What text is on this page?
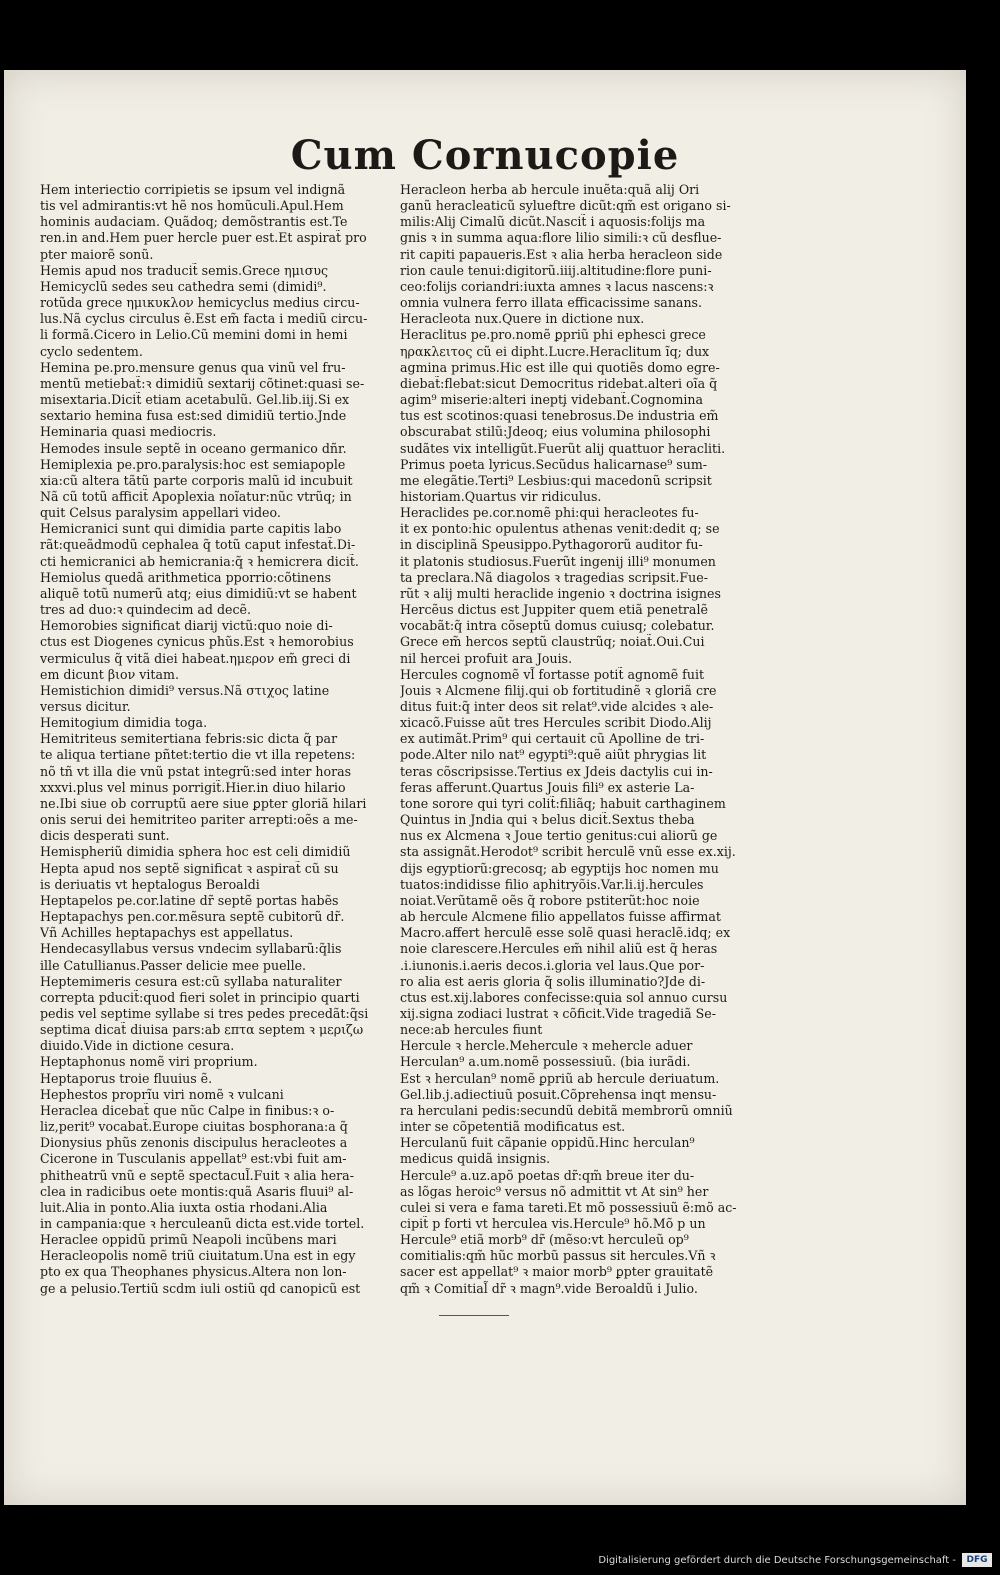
Cum Cornucopie

Hem interiectio corripietis se ipsum vel indignã

tis vel admirantis:vt hẽ nos homũculi.Apul.Hem

hominis audaciam. Quãdoq; demõstrantis est.Te

ren.in and.Hem puer hercle puer est.Et aspirat̃ pro

pter maiorẽ sonũ.

Hemis apud nos traducit̃ semis.Grece ημισυς

Hemicyclũ sedes seu cathedra semi (dimidi⁹.

rotũda grece ημικυκλον hemicyclus medius circu-

lus.Nã cyclus circulus ẽ.Est em̃ facta i mediũ circu-

li formã.Cicero in Lelio.Cũ memini domi in hemi

cyclo sedentem.

Hemina pe.pro.mensure genus qua vinũ vel fru-

mentũ metiebat̃:ꝛ dimidiũ sextarij cõtinet:quasi se-

misextaria.Dicit̃ etiam acetabulũ. Gel.lib.iij.Si ex

sextario hemina fusa est:sed dimidiũ tertio.Jnde

Heminaria quasi mediocris.

Hemodes insule septẽ in oceano germanico dñr.

Hemiplexia pe.pro.paralysis:hoc est semiapople

xia:cũ altera tãtũ parte corporis malũ id incubuit

Nã cũ totũ afficit̃ Apoplexia noĩatur:nũc vtrũq; in

quit Celsus paralysim appellari video.

Hemicranici sunt qui dimidia parte capitis labo

rãt:queãdmodũ cephalea q̃ totũ caput infestat̃.Di-

cti hemicranici ab hemicrania:q̃ ꝛ hemicrera dicit̃.

Hemiolus quedã arithmetica pporrio:cõtinens

aliquẽ totũ numerũ atq; eius dimidiũ:vt se habent

tres ad duo:ꝛ quindecim ad decẽ.

Hemorobies significat diarij victũ:quo noie di-

ctus est Diogenes cynicus phũs.Est ꝛ hemorobius

vermiculus q̃ vitã diei habeat.ημερον em̃ greci di

em dicunt βιον vitam.

Hemistichion dimidi⁹ versus.Nã στιχος latine

versus dicitur.

Hemitogium dimidia toga.

Hemitriteus semitertiana febris:sic dicta q̃ par

te aliqua tertiane pñtet:tertio die vt illa repetens:

nõ tñ vt illa die vnũ pstat integrũ:sed inter horas

xxxvi.plus vel minus porrigit̃.Hier.in diuo hilario

ne.Ibi siue ob corruptũ aere siue ꝑpter gloriã hilari

onis serui dei hemitriteo pariter arrepti:oẽs a me-

dicis desperati sunt.

Hemispheriũ dimidia sphera hoc est celi dimidiũ

Hepta apud nos septẽ significat ꝛ aspirat̃ cũ su

is deriuatis vt heptalogus Beroaldi

Heptapelos pe.cor.latine dr̃ septẽ portas habẽs

Heptapachys pen.cor.mẽsura septẽ cubitorũ dr̃.

Vñ Achilles heptapachys est appellatus.

Hendecasyllabus versus vndecim syllabarũ:q̃lis

ille Catullianus.Passer delicie mee puelle.

Heptemimeris cesura est:cũ syllaba naturaliter

correpta pducit̃:quod fieri solet in principio quarti

pedis vel septime syllabe si tres pedes precedãt:q̃si

septima dicat̃ diuisa pars:ab επτα septem ꝛ μεριζω

diuido.Vide in dictione cesura.

Heptaphonus nomẽ viri proprium.

Heptaporus troie fluuius ẽ.

Hephestos proprĩu viri nomẽ ꝛ vulcani

Heraclea dicebat̃ que nũc Calpe in finibus:ꝛ o-

liz,perit⁹ vocabat̃.Europe ciuitas bosphorana:a q̃

Dionysius phũs zenonis discipulus heracleotes a

Cicerone in Tusculanis appellat⁹ est:vbi fuit am-

phitheatrũ vnũ e septẽ spectacul̃.Fuit ꝛ alia hera-

clea in radicibus oete montis:quã Asaris fluui⁹ al-

luit.Alia in ponto.Alia iuxta ostia rhodani.Alia

in campania:que ꝛ herculeanũ dicta est.vide tortel.

Heraclee oppidũ primũ Neapoli incũbens mari

Heracleopolis nomẽ triũ ciuitatum.Una est in egy

pto ex qua Theophanes physicus.Altera non lon-

ge a pelusio.Tertiũ scdm iuli ostiũ qd canopicũ est

Heracleon herba ab hercule inuẽta:quã alij Ori

ganũ heracleaticũ sylueftre dicũt:qm̃ est origano si-

milis:Alij Cimalũ dicũt.Nascit̃ i aquosis:folijs ma

gnis ꝛ in summa aqua:flore lilio simili:ꝛ cũ desflue-

rit capiti papaueris.Est ꝛ alia herba heracleon side

rion caule tenui:digitorũ.iiij.altitudine:flore puni-

ceo:folijs coriandri:iuxta amnes ꝛ lacus nascens:ꝛ

omnia vulnera ferro illata efficacissime sanans.

Heracleota nux.Quere in dictione nux.

Heraclitus pe.pro.nomẽ ꝑpriũ phi ephesci grece

ηρακλειτος cũ ei dipht.Lucre.Heraclitum ĩq; dux

agmina primus.Hic est ille qui quotiẽs domo egre-

diebat̃:flebat:sicut Democritus ridebat.alteri oĩa q̃

agim⁹ miserie:alteri inepti̧ videbant̃.Cognomina

tus est scotinos:quasi tenebrosus.De industria em̃

obscurabat stilũ:Jdeoq; eius volumina philosophi

sudãtes vix intelligũt.Fuerũt alij quattuor heracliti.

Primus poeta lyricus.Secũdus halicarnase⁹ sum-

me elegãtie.Terti⁹ Lesbius:qui macedonũ scripsit

historiam.Quartus vir ridiculus.

Heraclides pe.cor.nomẽ phi:qui heracleotes fu-

it ex ponto:hic opulentus athenas venit:dedit q; se

in disciplinã Speusippo.Pythagororũ auditor fu-

it platonis studiosus.Fuerũt ingenij illi⁹ monumen

ta preclara.Nã diagolos ꝛ tragedias scripsit.Fue-

rũt ꝛ alij multi heraclide ingenio ꝛ doctrina isignes

Hercẽus dictus est Juppiter quem etiã penetralẽ

vocabãt:q̃ intra cõseptũ domus cuiusq; colebatur.

Grece em̃ hercos septũ claustrũq; noiat̃.Oui.Cui

nil hercei profuit ara Jouis.

Hercules cognomẽ vl̃ fortasse potit̃ agnomẽ fuit

Jouis ꝛ Alcmene filij.qui ob fortitudinẽ ꝛ gloriã cre

ditus fuit:q̃ inter deos sit relat⁹.vide alcides ꝛ ale-

xicacõ.Fuisse aũt tres Hercules scribit Diodo.Alij

ex autimãt.Prim⁹ qui certauit cũ Apolline de tri-

pode.Alter nilo nat⁹ egypti⁹:quẽ aiũt phrygias lit

teras cõscripsisse.Tertius ex Jdeis dactylis cui in-

feras afferunt.Quartus Jouis fili⁹ ex asterie La-

tone sorore qui tyri colit̃:filiãq; habuit carthaginem

Quintus in Jndia qui ꝛ belus dicit̃.Sextus theba

nus ex Alcmena ꝛ Joue tertio genitus:cui aliorũ ge

sta assignãt.Herodot⁹ scribit herculẽ vnũ esse ex.xij.

dijs egyptiorũ:grecosq; ab egyptijs hoc nomen mu

tuatos:indidisse filio aphitryõis.Var.li.ij.hercules

noiat.Verũtamẽ oẽs q̃ robore pstiterũt:hoc noie

ab hercule Alcmene filio appellatos fuisse affirmat

Macro.affert herculẽ esse solẽ quasi heraclẽ.idq; ex

noie clarescere.Hercules em̃ nihil aliũ est q̃ heras

.i.iunonis.i.aeris decos.i.gloria vel laus.Que por-

ro alia est aeris gloria q̃ solis illuminatio?Jde di-

ctus est.xij.labores confecisse:quia sol annuo cursu

xij.signa zodiaci lustrat ꝛ cõficit.Vide tragediã Se-

nece:ab hercules fiunt

Hercule ꝛ hercle.Mehercule ꝛ mehercle aduer

Herculan⁹ a.um.nomẽ possessiuũ. (bia iurãdi.

Est ꝛ herculan⁹ nomẽ ꝑpriũ ab hercule deriuatum.

Gel.lib.j.adiectiuũ posuit.Cõprehensa inqt mensu-

ra herculani pedis:secundũ debitã membrorũ omniũ

inter se cõpetentiã modificatus est.

Herculanũ fuit cãpanie oppidũ.Hinc herculan⁹

medicus quidã insignis.

Hercule⁹ a.uz.apõ poetas dr̃:qm̃ breue iter du-

as lõgas heroic⁹ versus nõ admittit vt At sin⁹ her

culei si vera e fama tareti.Et mõ possessiuũ ẽ:mõ ac-

cipit̃ p forti vt herculea vis.Hercule⁹ hõ.Mõ p un

Hercule⁹ etiã morb⁹ dr̃ (mẽso:vt herculeũ op⁹

comitialis:qm̃ hũc morbũ passus sit hercules.Vñ ꝛ

sacer est appellat⁹ ꝛ maior morb⁹ ꝑpter grauitatẽ

qm̃ ꝛ Comitial̃ dr̃ ꝛ magn⁹.vide Beroaldũ i Julio.

Digitalisierung gefördert durch die Deutsche Forschungsgemeinschaft -	DFG
